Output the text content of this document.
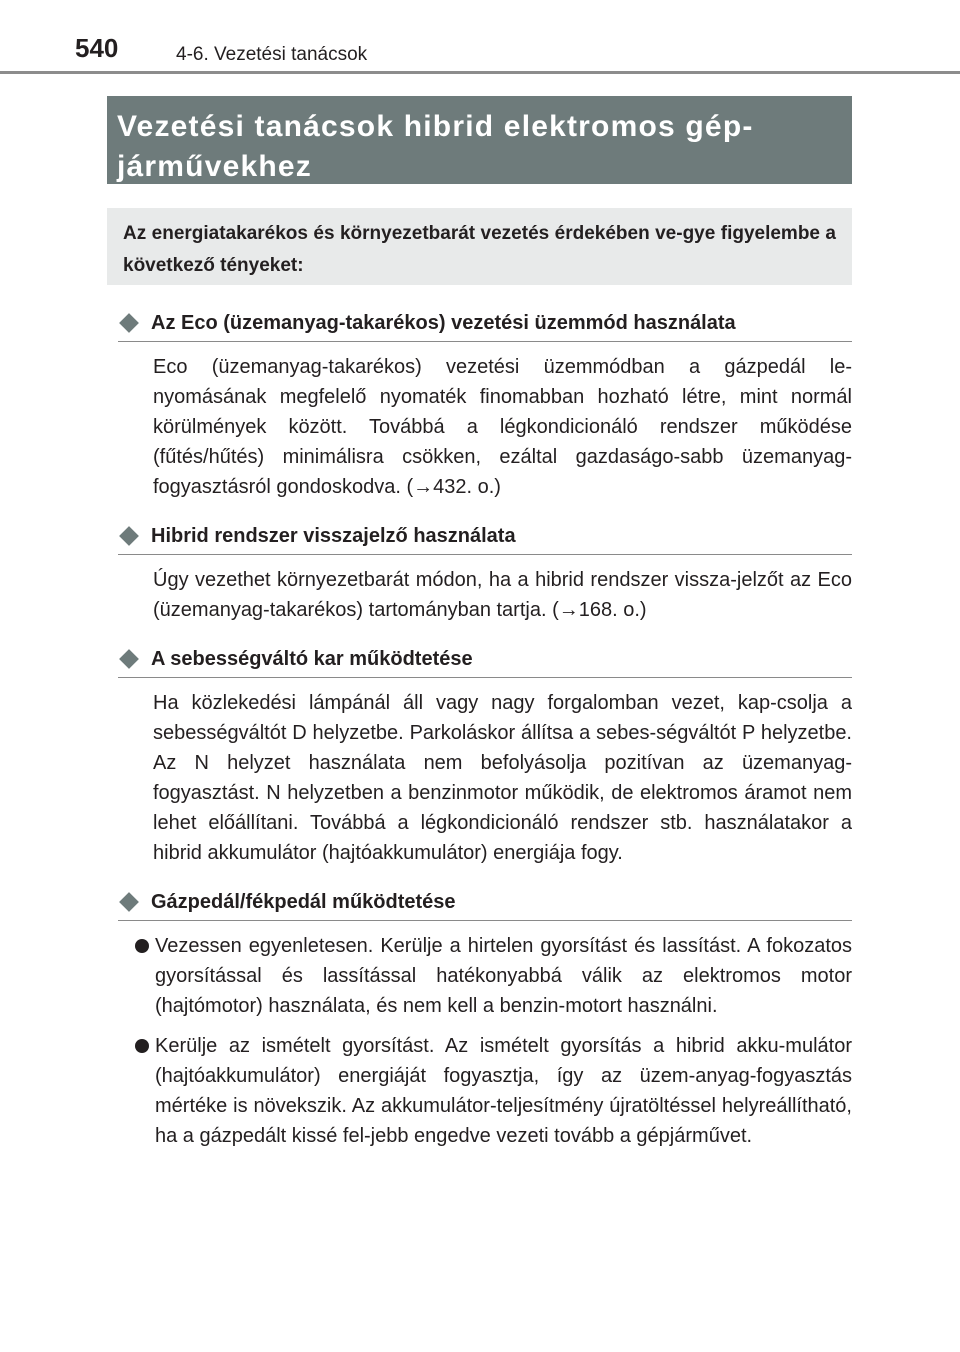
540	4-6. Vezetési tanácsok
Vezetési tanácsok hibrid elektromos gép-járművekhez

Az energiatakarékos és környezetbarát vezetés érdekében ve-gye figyelembe a következő tényeket:

Az Eco (üzemanyag-takarékos) vezetési üzemmód használata

Eco (üzemanyag-takarékos) vezetési üzemmódban a gázpedál le-nyomásának megfelelő nyomaték finomabban hozható létre, mint normál körülmények között. Továbbá a légkondicionáló rendszer működése (fűtés/hűtés) minimálisra csökken, ezáltal gazdaságo-sabb üzemanyag-fogyasztásról gondoskodva. (→432. o.)

Hibrid rendszer visszajelző használata

Úgy vezethet környezetbarát módon, ha a hibrid rendszer vissza-jelzőt az Eco (üzemanyag-takarékos) tartományban tartja. (→168. o.)

A sebességváltó kar működtetése

Ha közlekedési lámpánál áll vagy nagy forgalomban vezet, kap-csolja a sebességváltót D helyzetbe. Parkoláskor állítsa a sebes-ségváltót P helyzetbe. Az N helyzet használata nem befolyásolja pozitívan az üzemanyag-fogyasztást. N helyzetben a benzinmotor működik, de elektromos áramot nem lehet előállítani. Továbbá a légkondicionáló rendszer stb. használatakor a hibrid akkumulátor (hajtóakkumulátor) energiája fogy.

Gázpedál/fékpedál működtetése
Vezessen egyenletesen. Kerülje a hirtelen gyorsítást és lassítást. A fokozatos gyorsítással és lassítással hatékonyabbá válik az elektromos motor (hajtómotor) használata, és nem kell a benzin-motort használni.
Kerülje az ismételt gyorsítást. Az ismételt gyorsítás a hibrid akku-mulátor (hajtóakkumulátor) energiáját fogyasztja, így az üzem-anyag-fogyasztás mértéke is növekszik. Az akkumulátor-teljesítmény újratöltéssel helyreállítható, ha a gázpedált kissé fel-jebb engedve vezeti tovább a gépjárművet.
